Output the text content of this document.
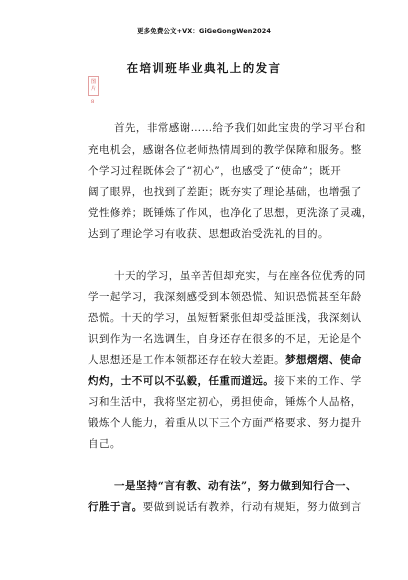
更多免费公文+VX：GiGeGongWen2024
在培训班毕业典礼上的发言
图
片
8
首先，非常感谢……给予我们如此宝贵的学习平台和
充电机会，感谢各位老师热情周到的教学保障和服务。整
个学习过程既体会了“初心”，也感受了“使命”；既开
阔了眼界，也找到了差距；既夯实了理论基础，也增强了
党性修养；既锤炼了作风，也净化了思想，更洗涤了灵魂，
达到了理论学习有收获、思想政治受洗礼的目的。
十天的学习，虽辛苦但却充实，与在座各位优秀的同
学一起学习，我深刻感受到本领恐慌、知识恐慌甚至年龄
恐慌。十天的学习，虽短暂紧张但却受益匪浅，我深刻认
识到作为一名选调生，自身还存在很多的不足，无论是个
人思想还是工作本领都还存在较大差距。梦想熠熠、使命
灼灼，士不可以不弘毅，任重而道远。接下来的工作、学
习和生活中，我将坚定初心，勇担使命，锤炼个人品格，
锻炼个人能力，着重从以下三个方面严格要求、努力提升
自己。
一是坚持“言有教、动有法”，努力做到知行合一、
行胜于言。要做到说话有教养，行动有规矩，努力做到言
